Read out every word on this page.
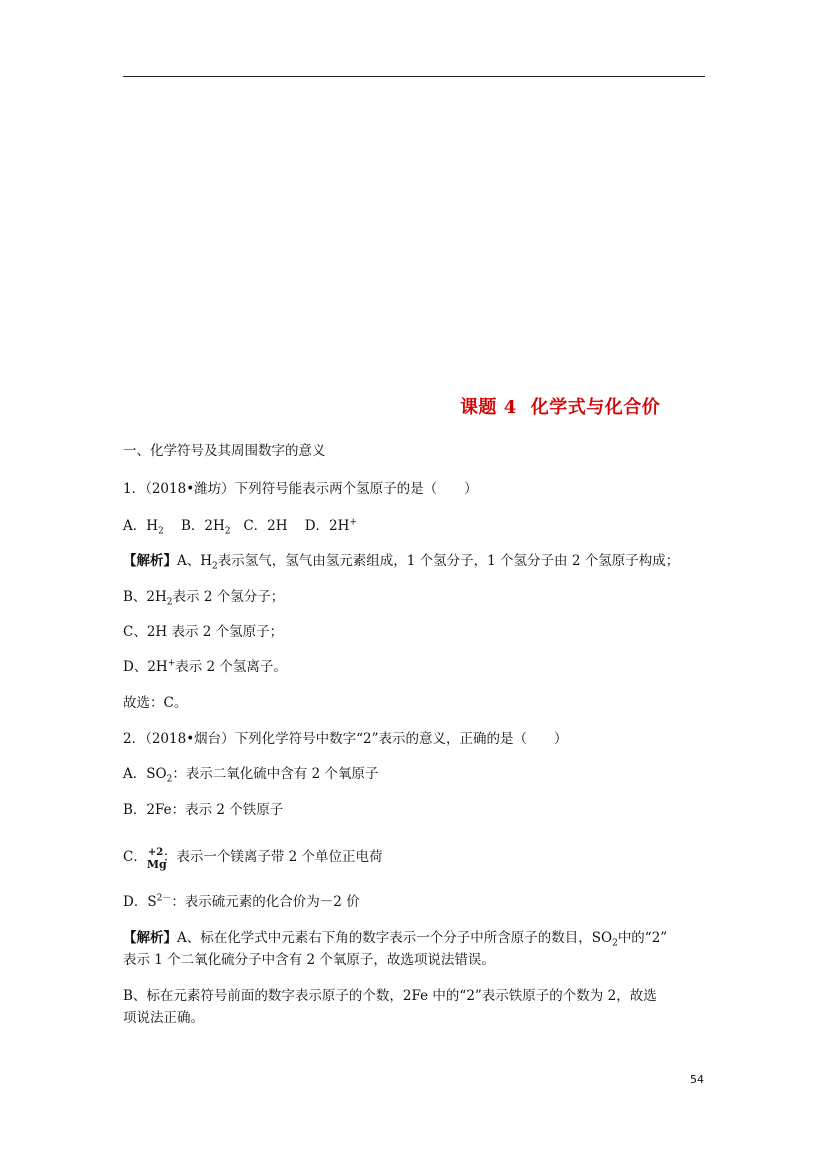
课题 4 化学式与化合价
一、化学符号及其周围数字的意义
1．（2018•潍坊）下列符号能表示两个氢原子的是（　　）
A．$H_2$ B．$2H_2$ C．2H D．2H+
【解析】A、$H_2$表示氢气，氢气由氢元素组成，1 个氢分子，1 个氢分子由 2 个氢原子构成；
B、$2H_2$表示 2 个氢分子；
C、2H 表示 2 个氢原子；
D、2H+表示 2 个氢离子。
故选：C。
2．（2018•烟台）下列化学符号中数字“2”表示的意义，正确的是（　　）
A．$SO_2$：表示二氧化硫中含有 2 个氧原子
B．2Fe：表示 2 个铁原子
C． +2
Mg
：表示一个镁离子带 2 个单位正电荷
D．$S^{2-}$：表示硫元素的化合价为－2 价
【解析】A、标在化学式中元素右下角的数字表示一个分子中所含原子的数目，$SO_2$中的“2”
表示 1 个二氧化硫分子中含有 2 个氧原子，故选项说法错误。
B、标在元素符号前面的数字表示原子的个数，2Fe 中的“2”表示铁原子的个数为 2，故选
项说法正确。
54
